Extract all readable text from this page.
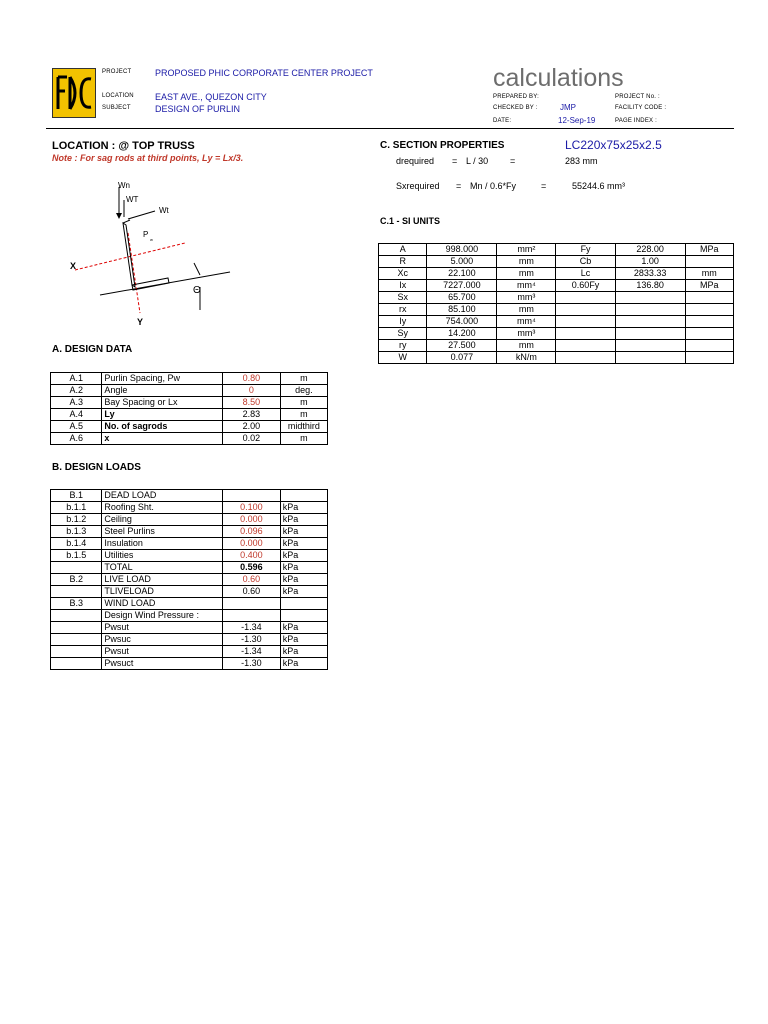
PROJECT	PROPOSED PHIC CORPORATE CENTER PROJECT
LOCATION EAST AVE., QUEZON CITY
SUBJECT	DESIGN OF PURLIN
calculations
PREPARED BY:
CHECKED BY :	JMP
DATE:	12-Sep-19
PROJECT No. :
FACILITY CODE :
PAGE INDEX :
LOCATION : @ TOP TRUSS
Note : For sag rods at third points, Ly = Lx/3.
Wn
WT
Wt
P
w
X
Y
Θ
A. DESIGN DATA
A.1	Purlin Spacing, Pw	0.80	m
A.2	Angle	0	deg.
A.3	Bay Spacing or Lx	8.50	m
A.4	Ly	2.83	m
A.5	No. of sagrods	2.00	midthird
A.6	x	0.02	m
B. DESIGN LOADS
B.1	DEAD LOAD		
b.1.1	Roofing Sht.	0.100	kPa
b.1.2	Ceiling	0.000	kPa
b.1.3	Steel Purlins	0.096	kPa
b.1.4	Insulation	0.000	kPa
b.1.5	Utilities	0.400	kPa
	TOTAL	0.596	kPa
B.2	LIVE LOAD	0.60	kPa
	TLIVELOAD	0.60	kPa
B.3	WIND LOAD		
	Design Wind Pressure :		
	Pwsut	-1.34	kPa
	Pwsuc	-1.30	kPa
	Pwsut	-1.34	kPa
	Pwsuct	-1.30	kPa
C. SECTION PROPERTIES	LC220x75x25x2.5
drequired = L / 30 =	283 mm
Sxrequired = Mn / 0.6*Fy	=	55244.6 mm³
C.1 - SI UNITS
A	998.000	mm²	Fy	228.00	MPa
R	5.000	mm	Cb	1.00	
Xc	22.100	mm	Lc	2833.33	mm
Ix	7227.000	mm⁴	0.60Fy	136.80	MPa
Sx	65.700	mm³			
rx	85.100	mm			
Iy	754.000	mm⁴			
Sy	14.200	mm³			
ry	27.500	mm			
W	0.077	kN/m			
